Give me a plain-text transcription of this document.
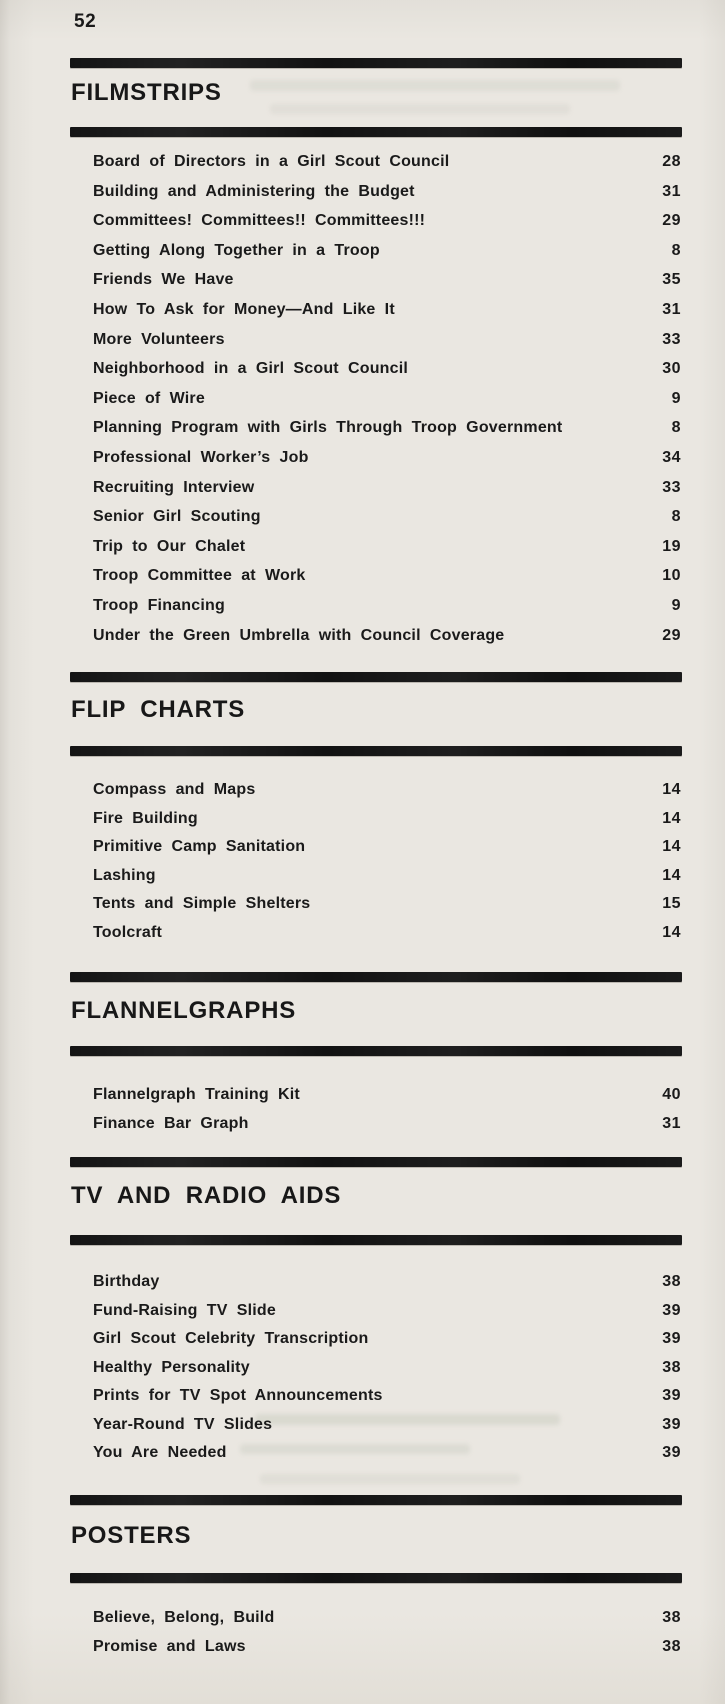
52
FILMSTRIPS
Board of Directors in a Girl Scout Council	28
Building and Administering the Budget	31
Committees! Committees!! Committees!!!	29
Getting Along Together in a Troop	8
Friends We Have	35
How To Ask for Money—And Like It	31
More Volunteers	33
Neighborhood in a Girl Scout Council	30
Piece of Wire	9
Planning Program with Girls Through Troop Government	8
Professional Worker’s Job	34
Recruiting Interview	33
Senior Girl Scouting	8
Trip to Our Chalet	19
Troop Committee at Work	10
Troop Financing	9
Under the Green Umbrella with Council Coverage	29
FLIP CHARTS
Compass and Maps	14
Fire Building	14
Primitive Camp Sanitation	14
Lashing	14
Tents and Simple Shelters	15
Toolcraft	14
FLANNELGRAPHS
Flannelgraph Training Kit	40
Finance Bar Graph	31
TV AND RADIO AIDS
Birthday	38
Fund-Raising TV Slide	39
Girl Scout Celebrity Transcription	39
Healthy Personality	38
Prints for TV Spot Announcements	39
Year-Round TV Slides	39
You Are Needed	39
POSTERS
Believe, Belong, Build	38
Promise and Laws	38
